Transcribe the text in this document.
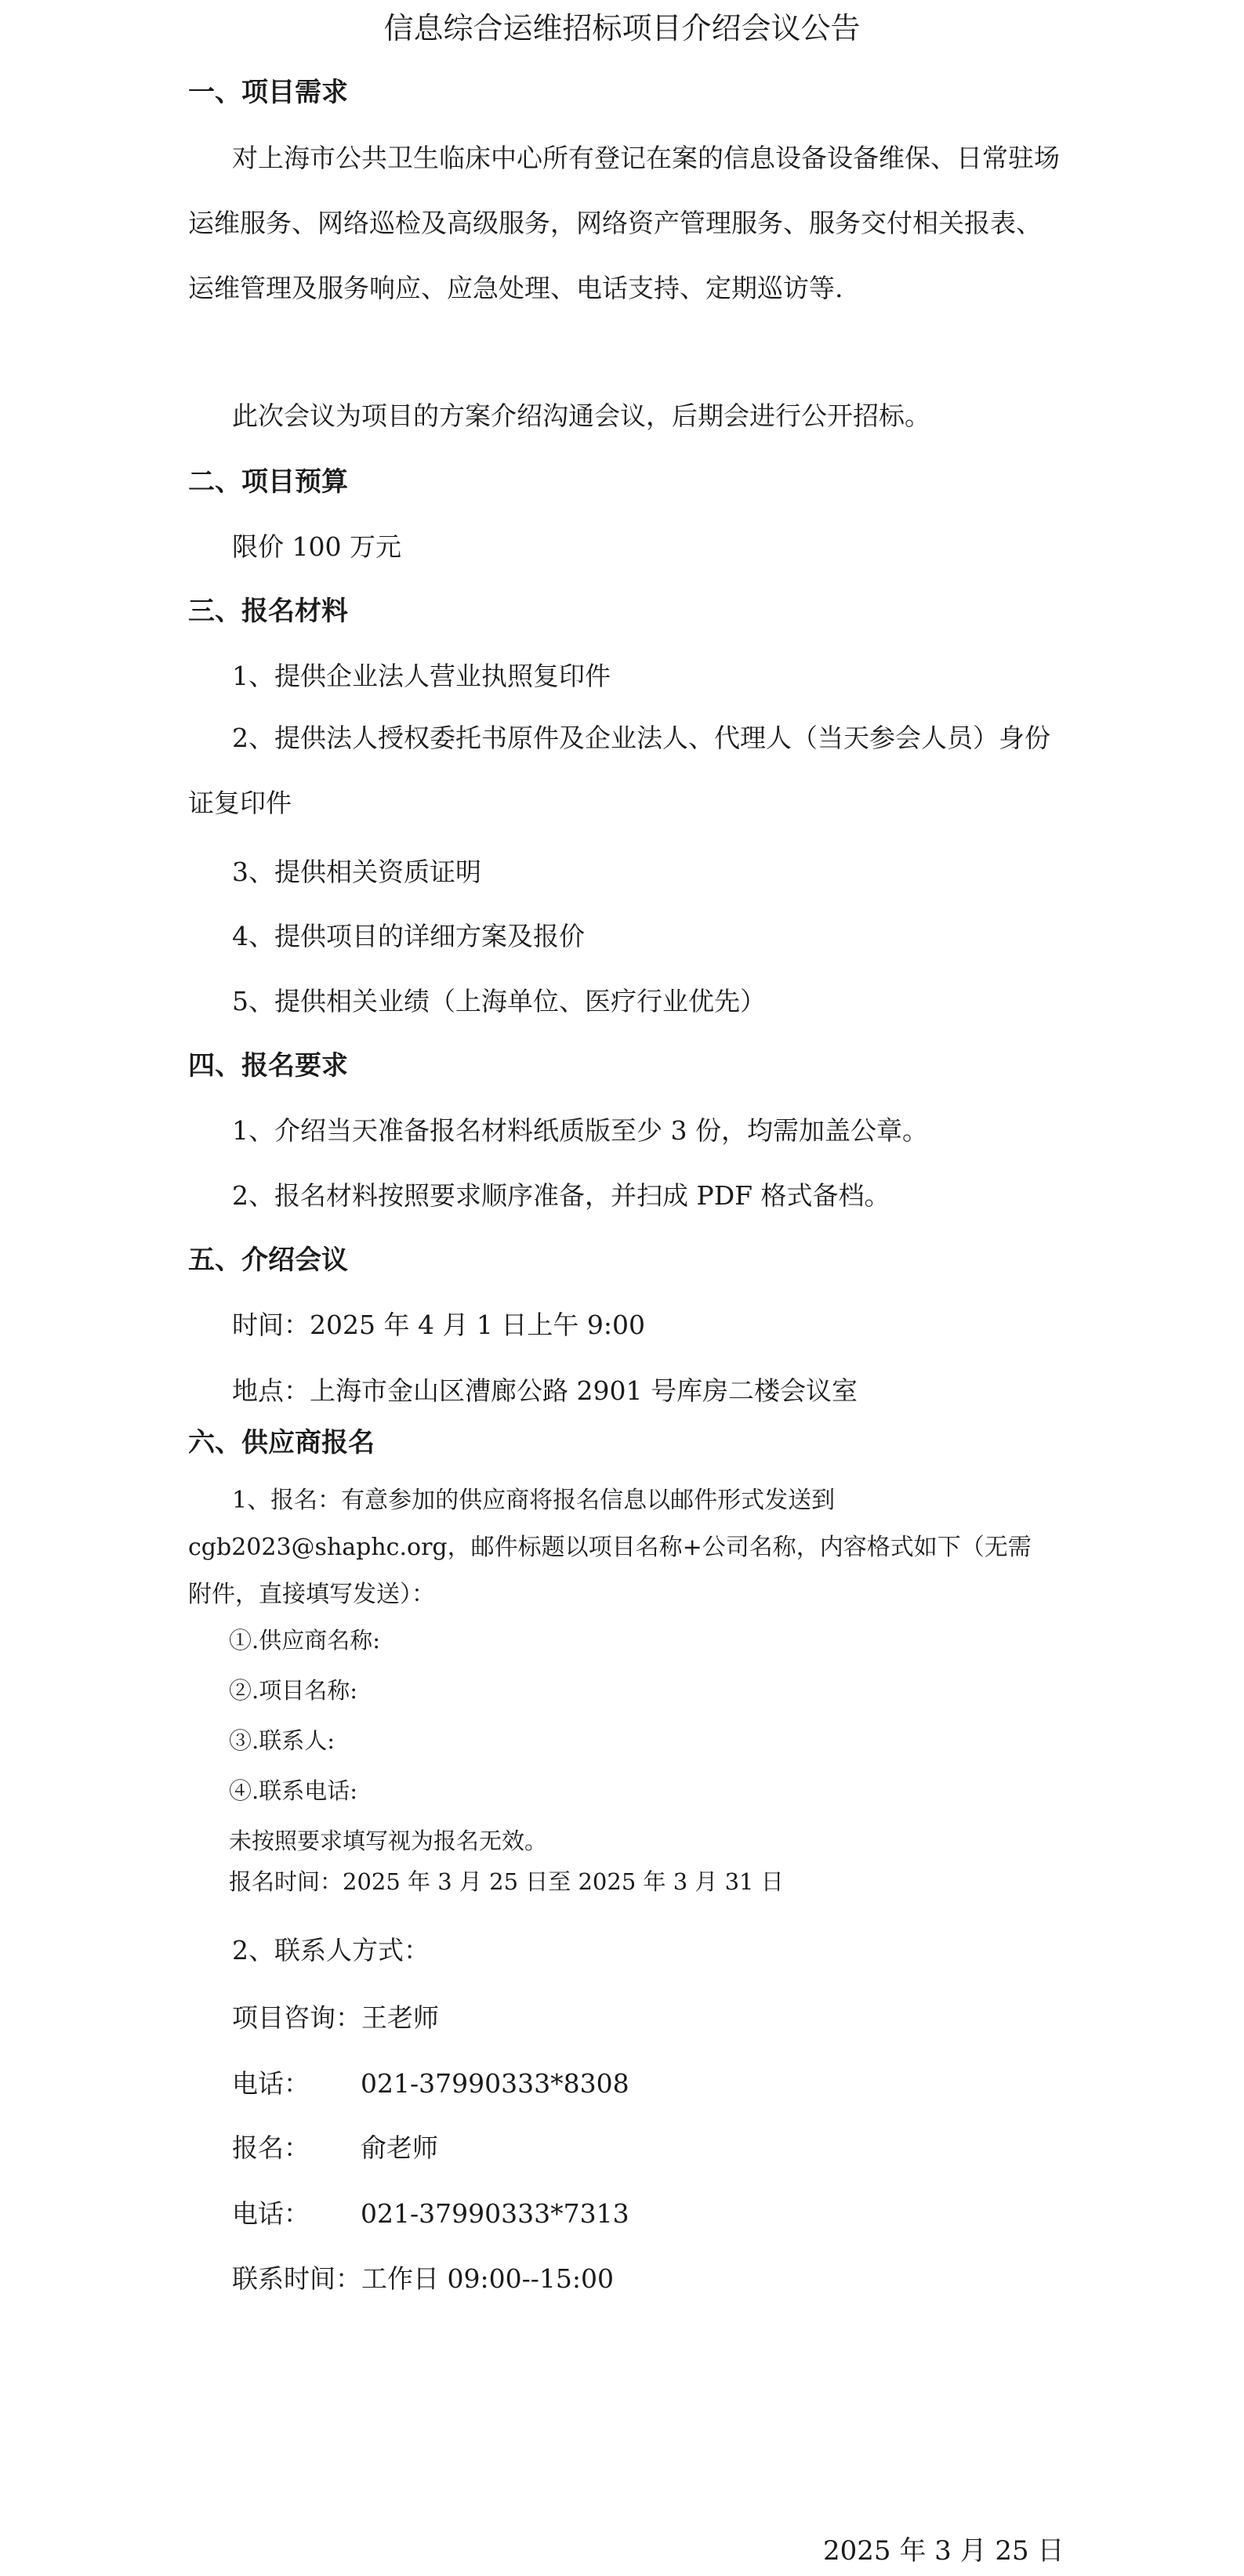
信息综合运维招标项目介绍会议公告
一、项目需求
对上海市公共卫生临床中心所有登记在案的信息设备设备维保、日常驻场运维服务、网络巡检及高级服务，网络资产管理服务、服务交付相关报表、运维管理及服务响应、应急处理、电话支持、定期巡访等.
此次会议为项目的方案介绍沟通会议，后期会进行公开招标。
二、项目预算
限价 100 万元
三、报名材料
1、提供企业法人营业执照复印件
2、提供法人授权委托书原件及企业法人、代理人（当天参会人员）身份证复印件
3、提供相关资质证明
4、提供项目的详细方案及报价
5、提供相关业绩（上海单位、医疗行业优先）
四、报名要求
1、介绍当天准备报名材料纸质版至少 3 份，均需加盖公章。
2、报名材料按照要求顺序准备，并扫成 PDF 格式备档。
五、介绍会议
时间：2025 年 4 月 1 日上午 9:00
地点：上海市金山区漕廊公路 2901 号库房二楼会议室
六、供应商报名
1、报名：有意参加的供应商将报名信息以邮件形式发送到 cgb2023@shaphc.org，邮件标题以项目名称+公司名称，内容格式如下（无需附件，直接填写发送）：
①.供应商名称:
②.项目名称:
③.联系人:
④.联系电话:
未按照要求填写视为报名无效。
报名时间：2025 年 3 月 25 日至 2025 年 3 月 31 日
2、联系人方式：
项目咨询：王老师
电话： 021-37990333*8308
报名： 俞老师
电话： 021-37990333*7313
联系时间：工作日 09:00--15:00
2025 年 3 月 25 日
